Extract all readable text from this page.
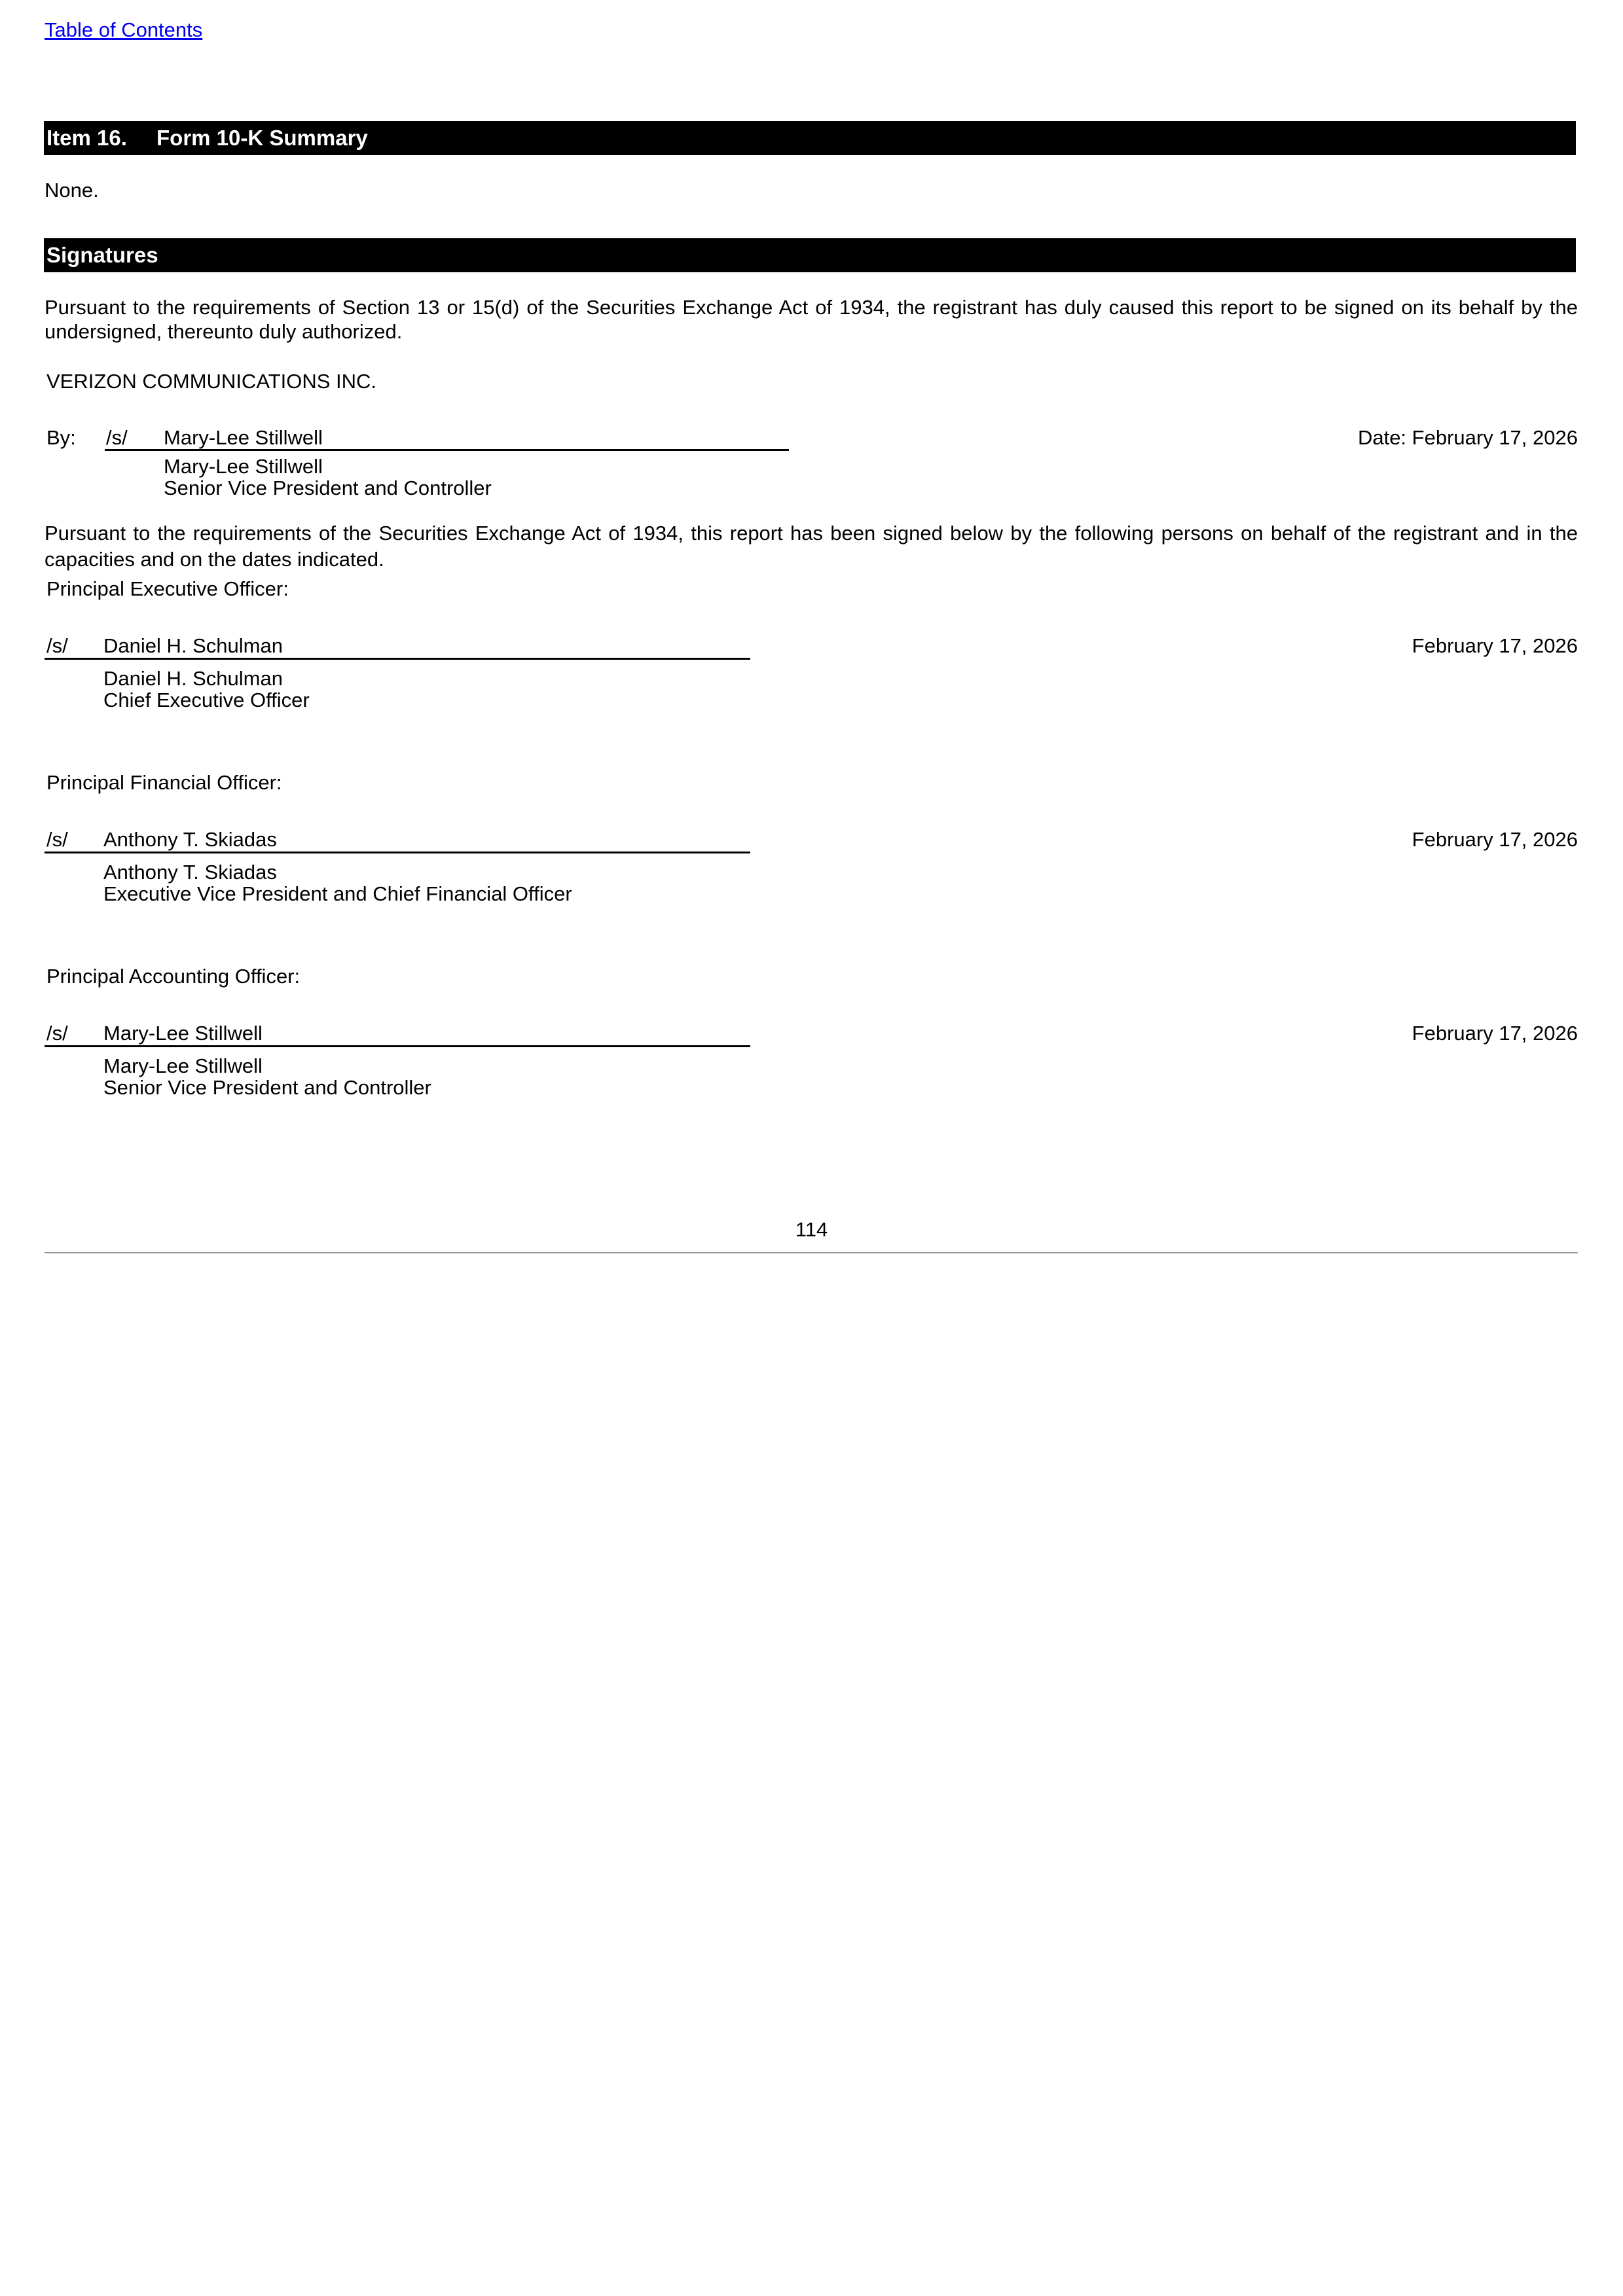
Table of Contents
Item 16.	Form 10-K Summary
None.
Signatures
Pursuant to the requirements of Section 13 or 15(d) of the Securities Exchange Act of 1934, the registrant has duly caused this report to be signed on its behalf by the
undersigned, thereunto duly authorized.
VERIZON COMMUNICATIONS INC.
By: /s/ Mary-Lee Stillwell	Date: February 17, 2026
Mary-Lee Stillwell
Senior Vice President and Controller
Pursuant to the requirements of the Securities Exchange Act of 1934, this report has been signed below by the following persons on behalf of the registrant and in the
capacities and on the dates indicated.
Principal Executive Officer:
/s/ Daniel H. Schulman	February 17, 2026
Daniel H. Schulman
Chief Executive Officer
Principal Financial Officer:
/s/ Anthony T. Skiadas	February 17, 2026
Anthony T. Skiadas
Executive Vice President and Chief Financial Officer
Principal Accounting Officer:
/s/ Mary-Lee Stillwell	February 17, 2026
Mary-Lee Stillwell
Senior Vice President and Controller
114
